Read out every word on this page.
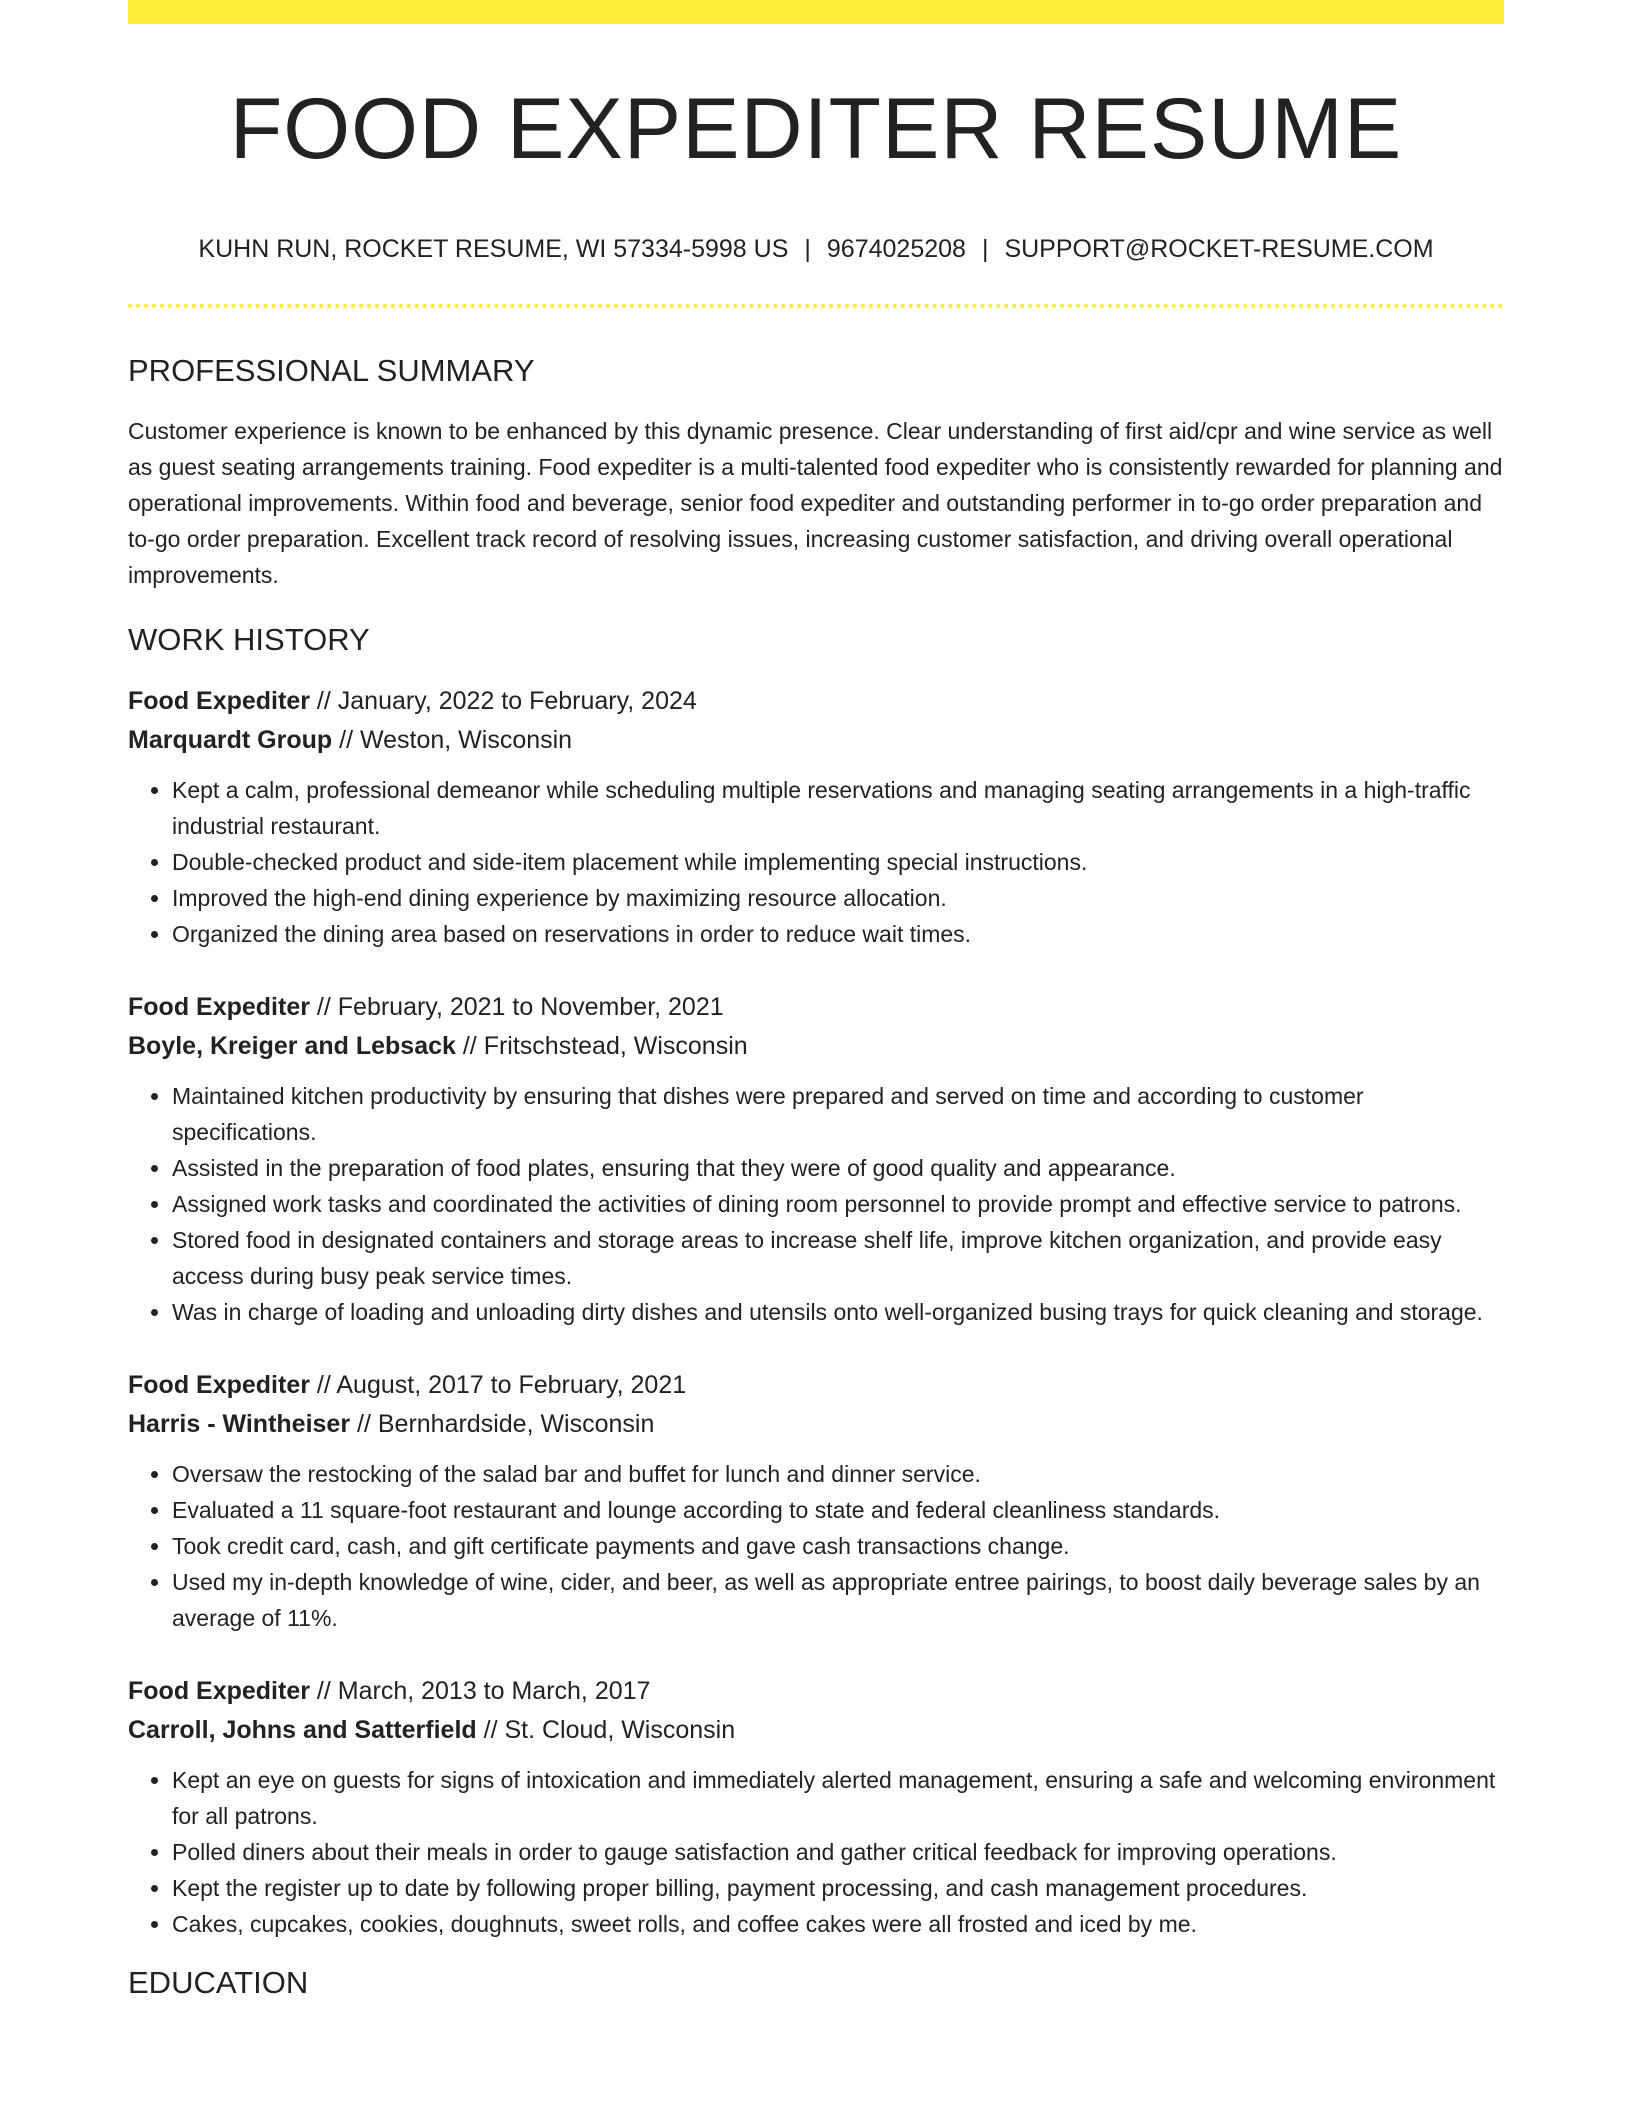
FOOD EXPEDITER RESUME
KUHN RUN, ROCKET RESUME, WI 57334-5998 US | 9674025208 | SUPPORT@ROCKET-RESUME.COM
PROFESSIONAL SUMMARY

Customer experience is known to be enhanced by this dynamic presence. Clear understanding of first aid/cpr and wine service as well as guest seating arrangements training. Food expediter is a multi-talented food expediter who is consistently rewarded for planning and operational improvements. Within food and beverage, senior food expediter and outstanding performer in to-go order preparation and to-go order preparation. Excellent track record of resolving issues, increasing customer satisfaction, and driving overall operational improvements.

WORK HISTORY
Food Expediter // January, 2022 to February, 2024
Marquardt Group // Weston, Wisconsin
• Kept a calm, professional demeanor while scheduling multiple reservations and managing seating arrangements in a high-traffic industrial restaurant.
• Double-checked product and side-item placement while implementing special instructions.
• Improved the high-end dining experience by maximizing resource allocation.
• Organized the dining area based on reservations in order to reduce wait times.
Food Expediter // February, 2021 to November, 2021
Boyle, Kreiger and Lebsack // Fritschstead, Wisconsin
• Maintained kitchen productivity by ensuring that dishes were prepared and served on time and according to customer specifications.
• Assisted in the preparation of food plates, ensuring that they were of good quality and appearance.
• Assigned work tasks and coordinated the activities of dining room personnel to provide prompt and effective service to patrons.
• Stored food in designated containers and storage areas to increase shelf life, improve kitchen organization, and provide easy access during busy peak service times.
• Was in charge of loading and unloading dirty dishes and utensils onto well-organized busing trays for quick cleaning and storage.
Food Expediter // August, 2017 to February, 2021
Harris - Wintheiser // Bernhardside, Wisconsin
• Oversaw the restocking of the salad bar and buffet for lunch and dinner service.
• Evaluated a 11 square-foot restaurant and lounge according to state and federal cleanliness standards.
• Took credit card, cash, and gift certificate payments and gave cash transactions change.
• Used my in-depth knowledge of wine, cider, and beer, as well as appropriate entree pairings, to boost daily beverage sales by an average of 11%.
Food Expediter // March, 2013 to March, 2017
Carroll, Johns and Satterfield // St. Cloud, Wisconsin
• Kept an eye on guests for signs of intoxication and immediately alerted management, ensuring a safe and welcoming environment for all patrons.
• Polled diners about their meals in order to gauge satisfaction and gather critical feedback for improving operations.
• Kept the register up to date by following proper billing, payment processing, and cash management procedures.
• Cakes, cupcakes, cookies, doughnuts, sweet rolls, and coffee cakes were all frosted and iced by me.
EDUCATION
